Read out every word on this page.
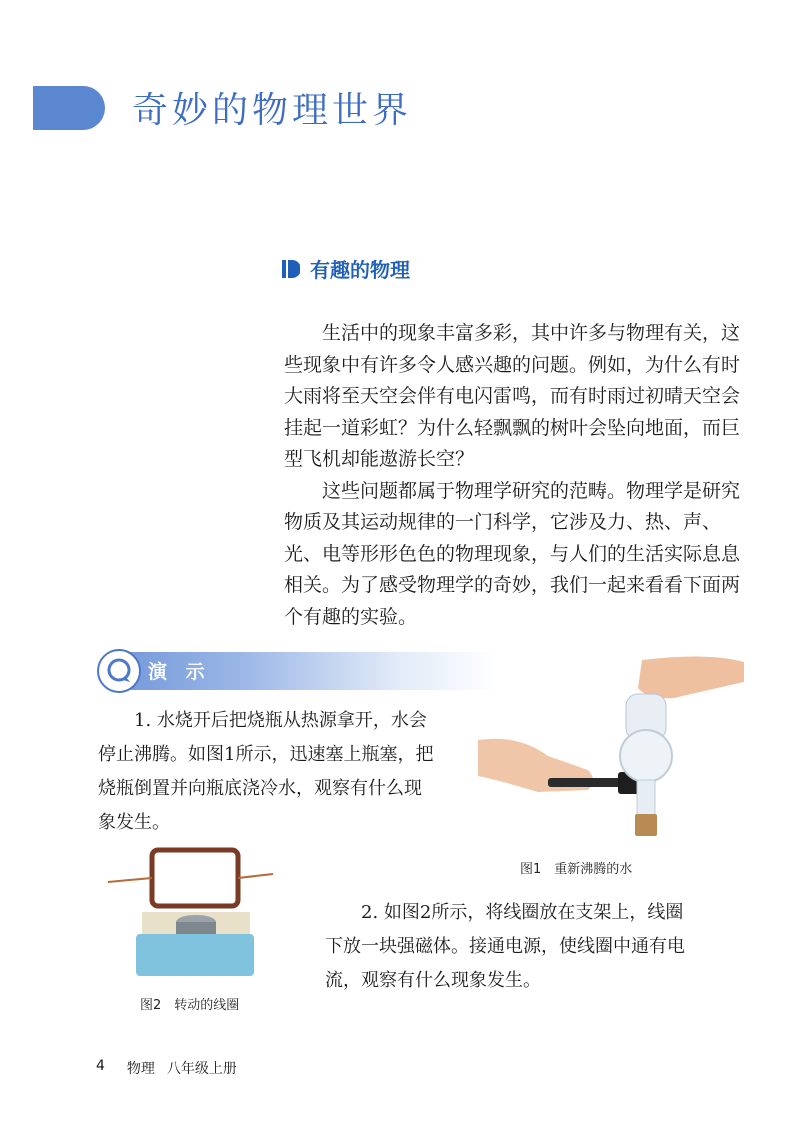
奇妙的物理世界
有趣的物理

生活中的现象丰富多彩，其中许多与物理有关，这些现象中有许多令人感兴趣的问题。例如，为什么有时大雨将至天空会伴有电闪雷鸣，而有时雨过初晴天空会挂起一道彩虹？为什么轻飘飘的树叶会坠向地面，而巨型飞机却能遨游长空？

这些问题都属于物理学研究的范畴。物理学是研究物质及其运动规律的一门科学，它涉及力、热、声、光、电等形形色色的物理现象，与人们的生活实际息息相关。为了感受物理学的奇妙，我们一起来看看下面两个有趣的实验。

演 示

1. 水烧开后把烧瓶从热源拿开，水会停止沸腾。如图1所示，迅速塞上瓶塞，把烧瓶倒置并向瓶底浇冷水，观察有什么现象发生。

图1　重新沸腾的水
图2　转动的线圈

2. 如图2所示，将线圈放在支架上，线圈下放一块强磁体。接通电源，使线圈中通有电流，观察有什么现象发生。

4 物理 八年级上册
